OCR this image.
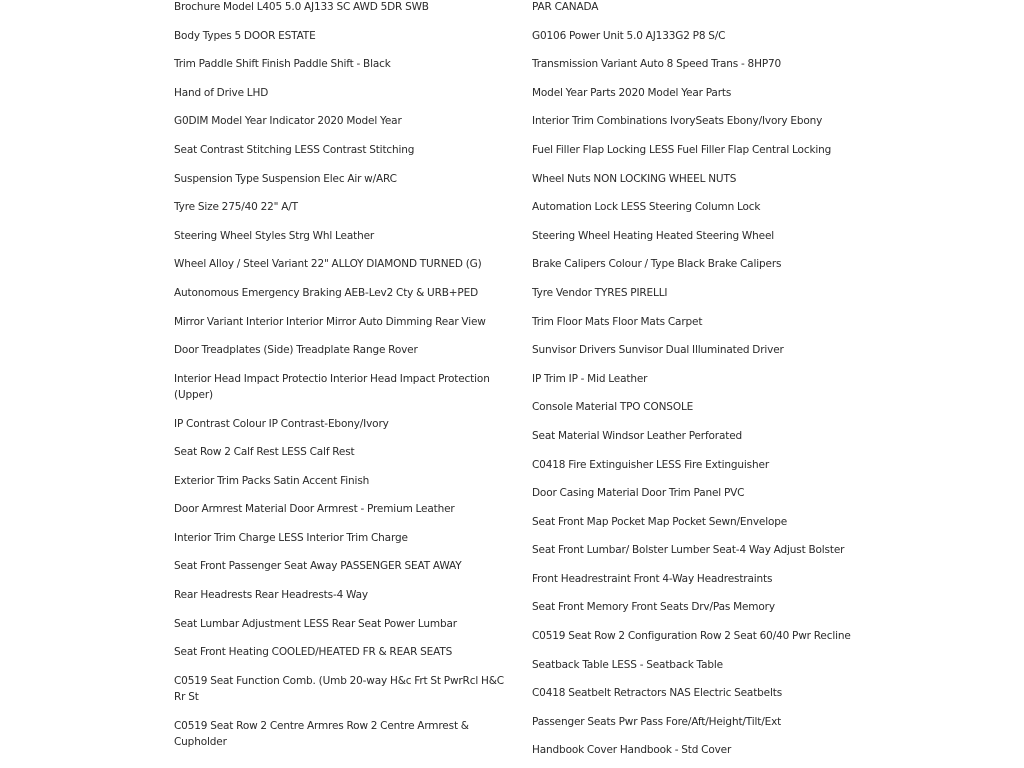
Brochure Model L405 5.0 AJ133 SC AWD 5DR SWB
Body Types 5 DOOR ESTATE
Trim Paddle Shift Finish Paddle Shift - Black
Hand of Drive LHD
G0DIM Model Year Indicator 2020 Model Year
Seat Contrast Stitching LESS Contrast Stitching
Suspension Type Suspension Elec Air w/ARC
Tyre Size 275/40 22" A/T
Steering Wheel Styles Strg Whl Leather
Wheel Alloy / Steel Variant 22" ALLOY DIAMOND TURNED (G)
Autonomous Emergency Braking AEB-Lev2 Cty & URB+PED
Mirror Variant Interior Interior Mirror Auto Dimming Rear View
Door Treadplates (Side) Treadplate Range Rover
Interior Head Impact Protectio Interior Head Impact Protection (Upper)
IP Contrast Colour IP Contrast-Ebony/Ivory
Seat Row 2 Calf Rest LESS Calf Rest
Exterior Trim Packs Satin Accent Finish
Door Armrest Material Door Armrest - Premium Leather
Interior Trim Charge LESS Interior Trim Charge
Seat Front Passenger Seat Away PASSENGER SEAT AWAY
Rear Headrests Rear Headrests-4 Way
Seat Lumbar Adjustment LESS Rear Seat Power Lumbar
Seat Front Heating COOLED/HEATED FR & REAR SEATS
C0519 Seat Function Comb. (Umb 20-way H&c Frt St PwrRcl H&C Rr St
C0519 Seat Row 2 Centre Armres Row 2 Centre Armrest & Cupholder
PAR CANADA
G0106 Power Unit 5.0 AJ133G2 P8 S/C
Transmission Variant Auto 8 Speed Trans - 8HP70
Model Year Parts 2020 Model Year Parts
Interior Trim Combinations IvorySeats Ebony/Ivory Ebony
Fuel Filler Flap Locking LESS Fuel Filler Flap Central Locking
Wheel Nuts NON LOCKING WHEEL NUTS
Automation Lock LESS Steering Column Lock
Steering Wheel Heating Heated Steering Wheel
Brake Calipers Colour / Type Black Brake Calipers
Tyre Vendor TYRES PIRELLI
Trim Floor Mats Floor Mats Carpet
Sunvisor Drivers Sunvisor Dual Illuminated Driver
IP Trim IP - Mid Leather
Console Material TPO CONSOLE
Seat Material Windsor Leather Perforated
C0418 Fire Extinguisher LESS Fire Extinguisher
Door Casing Material Door Trim Panel PVC
Seat Front Map Pocket Map Pocket Sewn/Envelope
Seat Front Lumbar/ Bolster Lumber Seat-4 Way Adjust Bolster
Front Headrestraint Front 4-Way Headrestraints
Seat Front Memory Front Seats Drv/Pas Memory
C0519 Seat Row 2 Configuration Row 2 Seat 60/40 Pwr Recline
Seatback Table LESS - Seatback Table
C0418 Seatbelt Retractors NAS Electric Seatbelts
Passenger Seats Pwr Pass Fore/Aft/Height/Tilt/Ext
Handbook Cover Handbook - Std Cover
